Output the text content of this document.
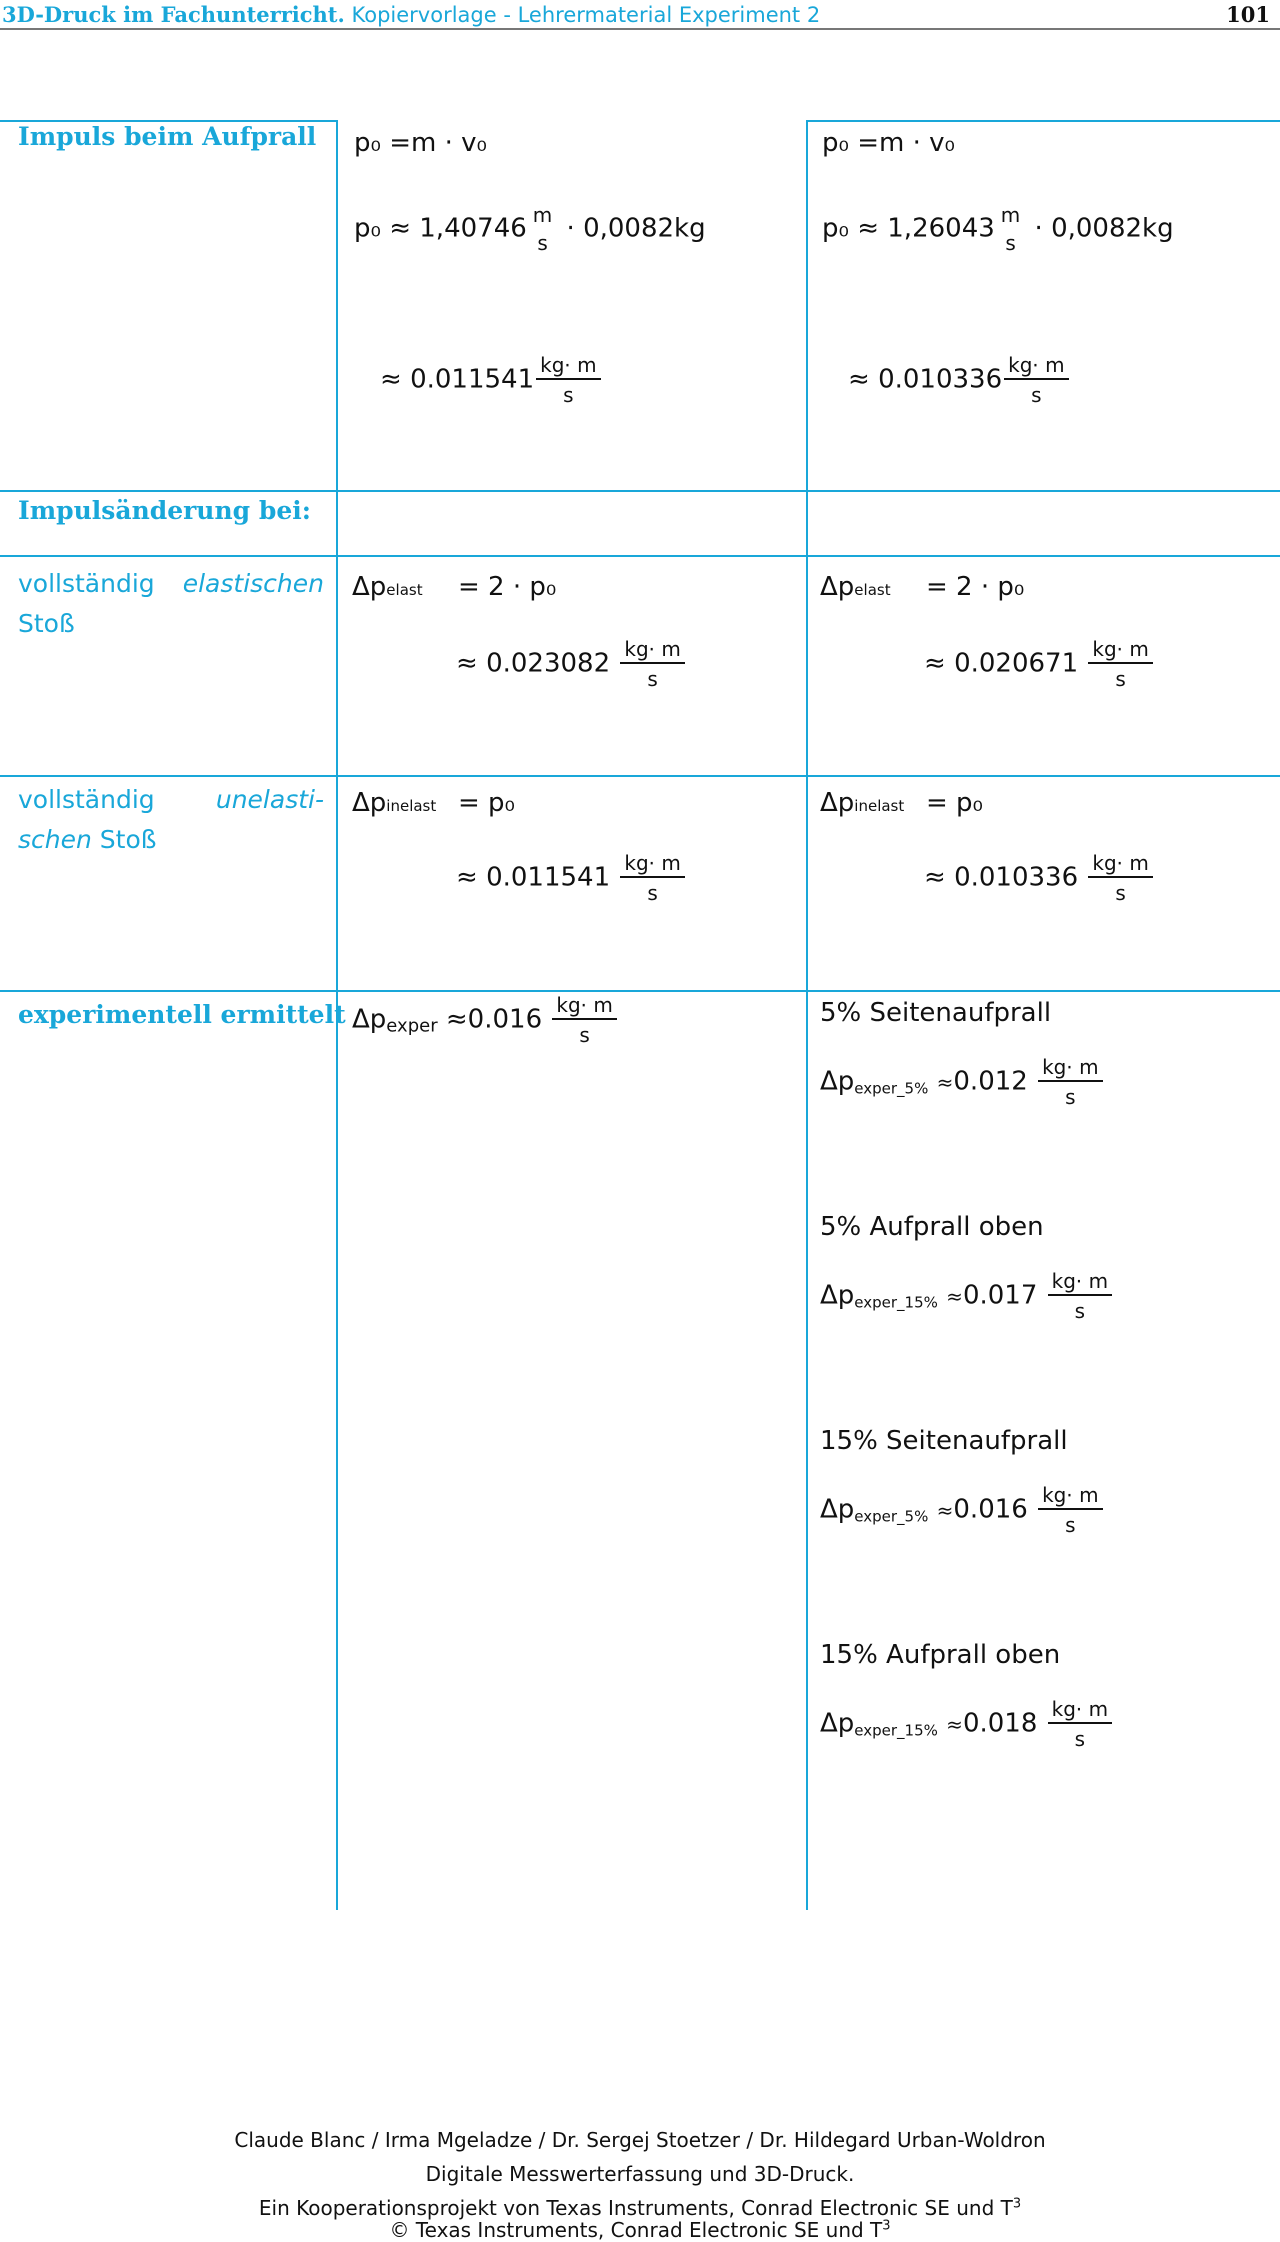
3D-Druck im Fachunterricht. Kopiervorlage - Lehrermaterial Experiment 2	101
Impuls beim Aufprall p₀ =m ⋅ v₀
p₀ ≈ 1,40746 m
s ⋅ 0,0082kg
≈ $0.011541 \frac{kg\cdot m}{s}$
p₀ =m ⋅ v₀
p₀ ≈ 1,26043 m
s ⋅ 0,0082kg
≈ $0.010336 \frac{kg\cdot m}{s}$
Impulsänderung bei:
vollständig elastischen
Stoß
Δpelast = 2 ⋅ p₀
≈ $0.023082 \frac{kg\cdot m}{s}$
Δpelast = 2 ⋅ p₀
≈ $0.020671 \frac{kg\cdot m}{s}$
vollständig unelasti-
schen Stoß
Δpinelast = p₀
≈ $0.011541 \frac{kg\cdot m}{s}$
Δpinelast = p₀
≈ $0.010336 \frac{kg\cdot m}{s}$
experimentell ermittelt Δpexper $\approx 0.016 \frac{kg\cdot m}{s}$	5% Seitenaufprall
$\Delta p_{exper\_5\%} \approx 0.012 \frac{kg\cdot m}{s}$
5% Aufprall oben
$\Delta p_{exper\_15\%} \approx 0.017 \frac{kg\cdot m}{s}$
15% Seitenaufprall
$\Delta p_{exper\_5\%} \approx 0.016 \frac{kg\cdot m}{s}$
15% Aufprall oben
$\Delta p_{exper\_15\%} \approx 0.018 \frac{kg\cdot m}{s}$
Claude Blanc / Irma Mgeladze / Dr. Sergej Stoetzer / Dr. Hildegard Urban-Woldron
Digitale Messwerterfassung und 3D-Druck.
Ein Kooperationsprojekt von Texas Instruments, Conrad Electronic SE und $T^3$
© Texas Instruments, Conrad Electronic SE und $T^3$
